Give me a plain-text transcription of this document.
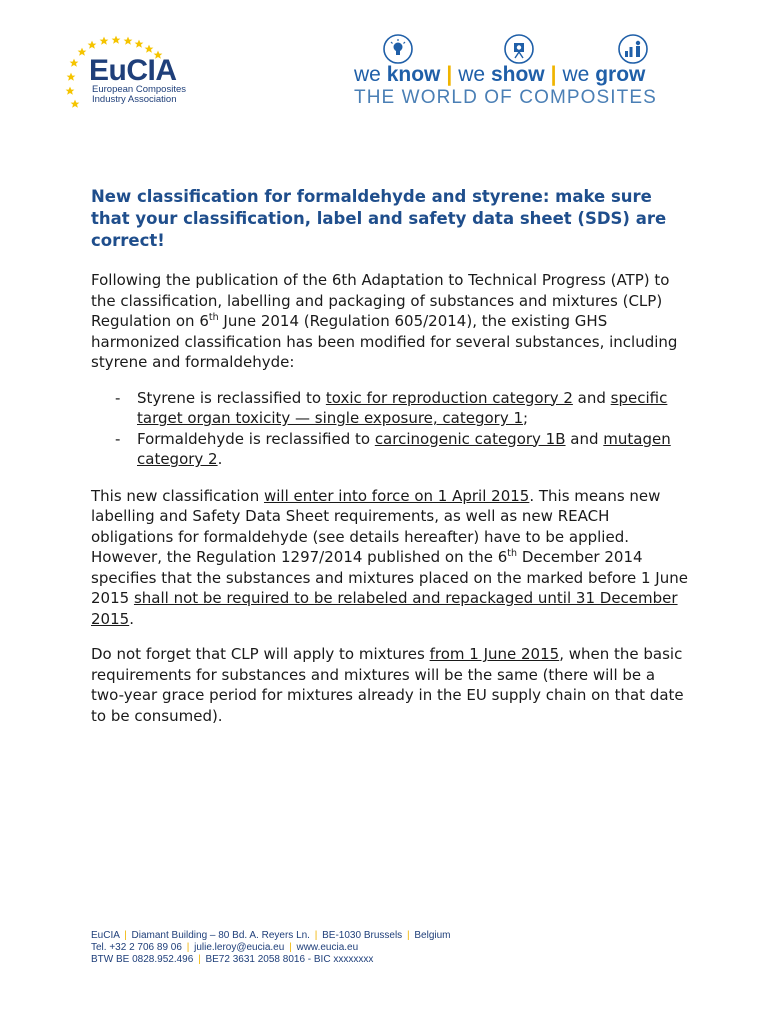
EuCIA
European Composites
Industry Association
we know | we show | we grow
THE WORLD OF COMPOSITES
New classification for formaldehyde and styrene: make sure that your classification, label and safety data sheet (SDS) are correct!

Following the publication of the 6th Adaptation to Technical Progress (ATP) to the classification, labelling and packaging of substances and mixtures (CLP) Regulation on 6th June 2014 (Regulation 605/2014), the existing GHS harmonized classification has been modified for several substances, including styrene and formaldehyde:

- Styrene is reclassified to toxic for reproduction category 2 and specific target organ toxicity — single exposure, category 1;
- Formaldehyde is reclassified to carcinogenic category 1B and mutagen category 2.

This new classification will enter into force on 1 April 2015. This means new labelling and Safety Data Sheet requirements, as well as new REACH obligations for formaldehyde (see details hereafter) have to be applied. However, the Regulation 1297/2014 published on the 6th December 2014 specifies that the substances and mixtures placed on the marked before 1 June 2015 shall not be required to be relabeled and repackaged until 31 December 2015.

Do not forget that CLP will apply to mixtures from 1 June 2015, when the basic requirements for substances and mixtures will be the same (there will be a two-year grace period for mixtures already in the EU supply chain on that date to be consumed).

EuCIA | Diamant Building – 80 Bd. A. Reyers Ln. | BE-1030 Brussels | Belgium
Tel. +32 2 706 89 06 | julie.leroy@eucia.eu | www.eucia.eu
BTW BE 0828.952.496 | BE72 3631 2058 8016 - BIC xxxxxxxx
